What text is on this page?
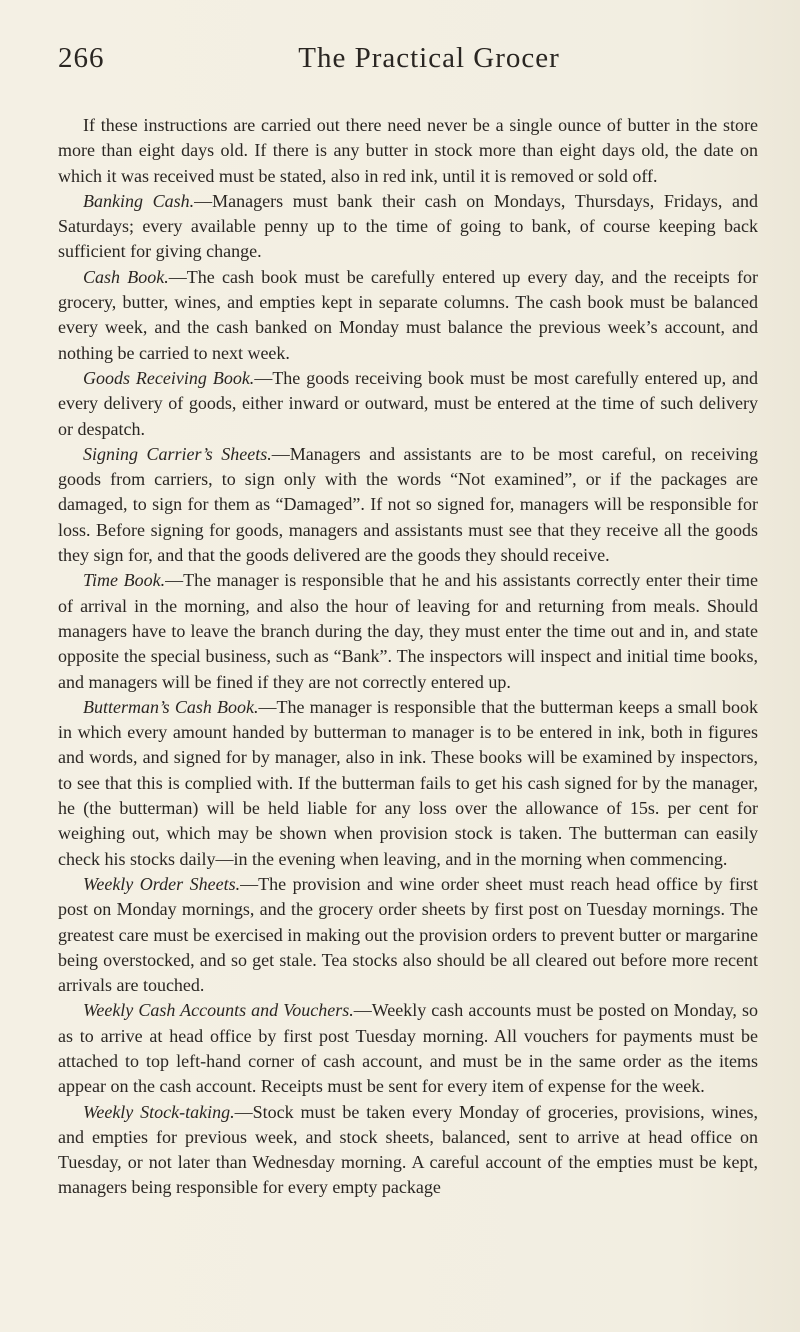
266	The Practical Grocer

If these instructions are carried out there need never be a single ounce of butter in the store more than eight days old. If there is any butter in stock more than eight days old, the date on which it was received must be stated, also in red ink, until it is removed or sold off.

Banking Cash.—Managers must bank their cash on Mondays, Thursdays, Fridays, and Saturdays; every available penny up to the time of going to bank, of course keeping back sufficient for giving change.

Cash Book.—The cash book must be carefully entered up every day, and the receipts for grocery, butter, wines, and empties kept in separate columns. The cash book must be balanced every week, and the cash banked on Monday must balance the previous week’s account, and nothing be carried to next week.

Goods Receiving Book.—The goods receiving book must be most carefully entered up, and every delivery of goods, either inward or outward, must be entered at the time of such delivery or despatch.

Signing Carrier’s Sheets.—Managers and assistants are to be most careful, on receiving goods from carriers, to sign only with the words “Not examined”, or if the packages are damaged, to sign for them as “Damaged”. If not so signed for, managers will be responsible for loss. Before signing for goods, managers and assistants must see that they receive all the goods they sign for, and that the goods delivered are the goods they should receive.

Time Book.—The manager is responsible that he and his assistants correctly enter their time of arrival in the morning, and also the hour of leaving for and returning from meals. Should managers have to leave the branch during the day, they must enter the time out and in, and state opposite the special business, such as “Bank”. The inspectors will inspect and initial time books, and managers will be fined if they are not correctly entered up.

Butterman’s Cash Book.—The manager is responsible that the butterman keeps a small book in which every amount handed by butterman to manager is to be entered in ink, both in figures and words, and signed for by manager, also in ink. These books will be examined by inspectors, to see that this is complied with. If the butterman fails to get his cash signed for by the manager, he (the butterman) will be held liable for any loss over the allowance of 15s. per cent for weighing out, which may be shown when provision stock is taken. The butterman can easily check his stocks daily—in the evening when leaving, and in the morning when commencing.

Weekly Order Sheets.—The provision and wine order sheet must reach head office by first post on Monday mornings, and the grocery order sheets by first post on Tuesday mornings. The greatest care must be exercised in making out the provision orders to prevent butter or margarine being overstocked, and so get stale. Tea stocks also should be all cleared out before more recent arrivals are touched.

Weekly Cash Accounts and Vouchers.—Weekly cash accounts must be posted on Monday, so as to arrive at head office by first post Tuesday morning. All vouchers for payments must be attached to top left-hand corner of cash account, and must be in the same order as the items appear on the cash account. Receipts must be sent for every item of expense for the week.

Weekly Stock-taking.—Stock must be taken every Monday of groceries, provisions, wines, and empties for previous week, and stock sheets, balanced, sent to arrive at head office on Tuesday, or not later than Wednesday morning. A careful account of the empties must be kept, managers being responsible for every empty package
